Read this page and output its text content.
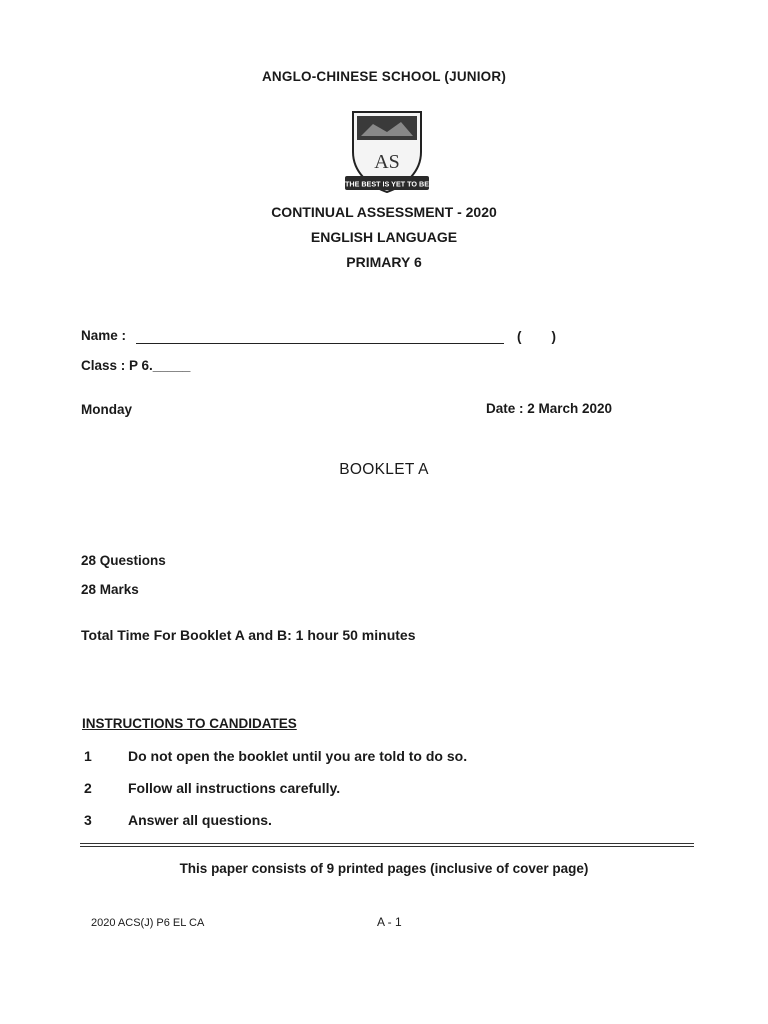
ANGLO-CHINESE SCHOOL (JUNIOR)
AS
THE BEST IS YET TO BE
CONTINUAL ASSESSMENT - 2020
ENGLISH LANGUAGE
PRIMARY 6
Name :	(        )
Class : P 6._____
Monday	Date : 2 March 2020
BOOKLET A
28 Questions
28 Marks
Total Time For Booklet A and B: 1 hour 50 minutes
INSTRUCTIONS TO CANDIDATES
1	Do not open the booklet until you are told to do so.
2	Follow all instructions carefully.
3	Answer all questions.
This paper consists of 9 printed pages (inclusive of cover page)
2020 ACS(J) P6 EL CA	A - 1
